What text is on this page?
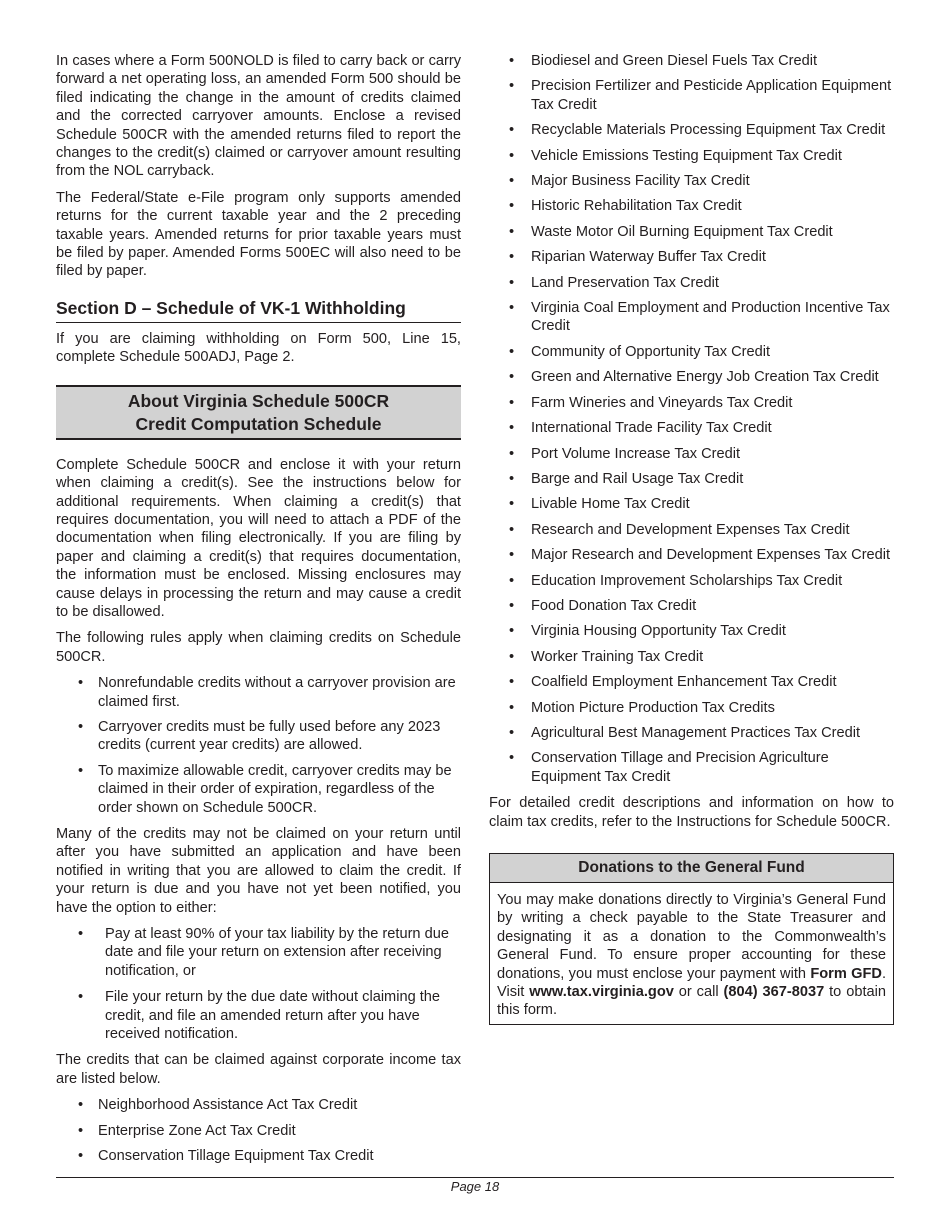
In cases where a Form 500NOLD is filed to carry back or carry forward a net operating loss, an amended Form 500 should be filed indicating the change in the amount of credits claimed and the corrected carryover amounts. Enclose a revised Schedule 500CR with the amended returns filed to report the changes to the credit(s) claimed or carryover amount resulting from the NOL carryback.

The Federal/State e-File program only supports amended returns for the current taxable year and the 2 preceding taxable years. Amended returns for prior taxable years must be filed by paper. Amended Forms 500EC will also need to be filed by paper.

Section D – Schedule of VK-1 Withholding

If you are claiming withholding on Form 500, Line 15, complete Schedule 500ADJ, Page 2.

About Virginia Schedule 500CR
Credit Computation Schedule

Complete Schedule 500CR and enclose it with your return when claiming a credit(s). See the instructions below for additional requirements. When claiming a credit(s) that requires documentation, you will need to attach a PDF of the documentation when filing electronically. If you are filing by paper and claiming a credit(s) that requires documentation, the information must be enclosed. Missing enclosures may cause delays in processing the return and may cause a credit to be disallowed.

The following rules apply when claiming credits on Schedule 500CR.

• Nonrefundable credits without a carryover provision are claimed first.
• Carryover credits must be fully used before any 2023 credits (current year credits) are allowed.
• To maximize allowable credit, carryover credits may be claimed in their order of expiration, regardless of the order shown on Schedule 500CR.

Many of the credits may not be claimed on your return until after you have submitted an application and have been notified in writing that you are allowed to claim the credit. If your return is due and you have not yet been notified, you have the option to either:

• Pay at least 90% of your tax liability by the return due date and file your return on extension after receiving notification, or
• File your return by the due date without claiming the credit, and file an amended return after you have received notification.

The credits that can be claimed against corporate income tax are listed below.

• Neighborhood Assistance Act Tax Credit
• Enterprise Zone Act Tax Credit
• Conservation Tillage Equipment Tax Credit
• Biodiesel and Green Diesel Fuels Tax Credit
• Precision Fertilizer and Pesticide Application Equipment Tax Credit
• Recyclable Materials Processing Equipment Tax Credit
• Vehicle Emissions Testing Equipment Tax Credit
• Major Business Facility Tax Credit
• Historic Rehabilitation Tax Credit
• Waste Motor Oil Burning Equipment Tax Credit
• Riparian Waterway Buffer Tax Credit
• Land Preservation Tax Credit
• Virginia Coal Employment and Production Incentive Tax Credit
• Community of Opportunity Tax Credit
• Green and Alternative Energy Job Creation Tax Credit
• Farm Wineries and Vineyards Tax Credit
• International Trade Facility Tax Credit
• Port Volume Increase Tax Credit
• Barge and Rail Usage Tax Credit
• Livable Home Tax Credit
• Research and Development Expenses Tax Credit
• Major Research and Development Expenses Tax Credit
• Education Improvement Scholarships Tax Credit
• Food Donation Tax Credit
• Virginia Housing Opportunity Tax Credit
• Worker Training Tax Credit
• Coalfield Employment Enhancement Tax Credit
• Motion Picture Production Tax Credits
• Agricultural Best Management Practices Tax Credit
• Conservation Tillage and Precision Agriculture Equipment Tax Credit

For detailed credit descriptions and information on how to claim tax credits, refer to the Instructions for Schedule 500CR.

Donations to the General Fund
You may make donations directly to Virginia’s General Fund by writing a check payable to the State Treasurer and designating it as a donation to the Commonwealth’s General Fund. To ensure proper accounting for these donations, you must enclose your payment with Form GFD. Visit www.tax.virginia.gov or call (804) 367-8037 to obtain this form.
Page 18
